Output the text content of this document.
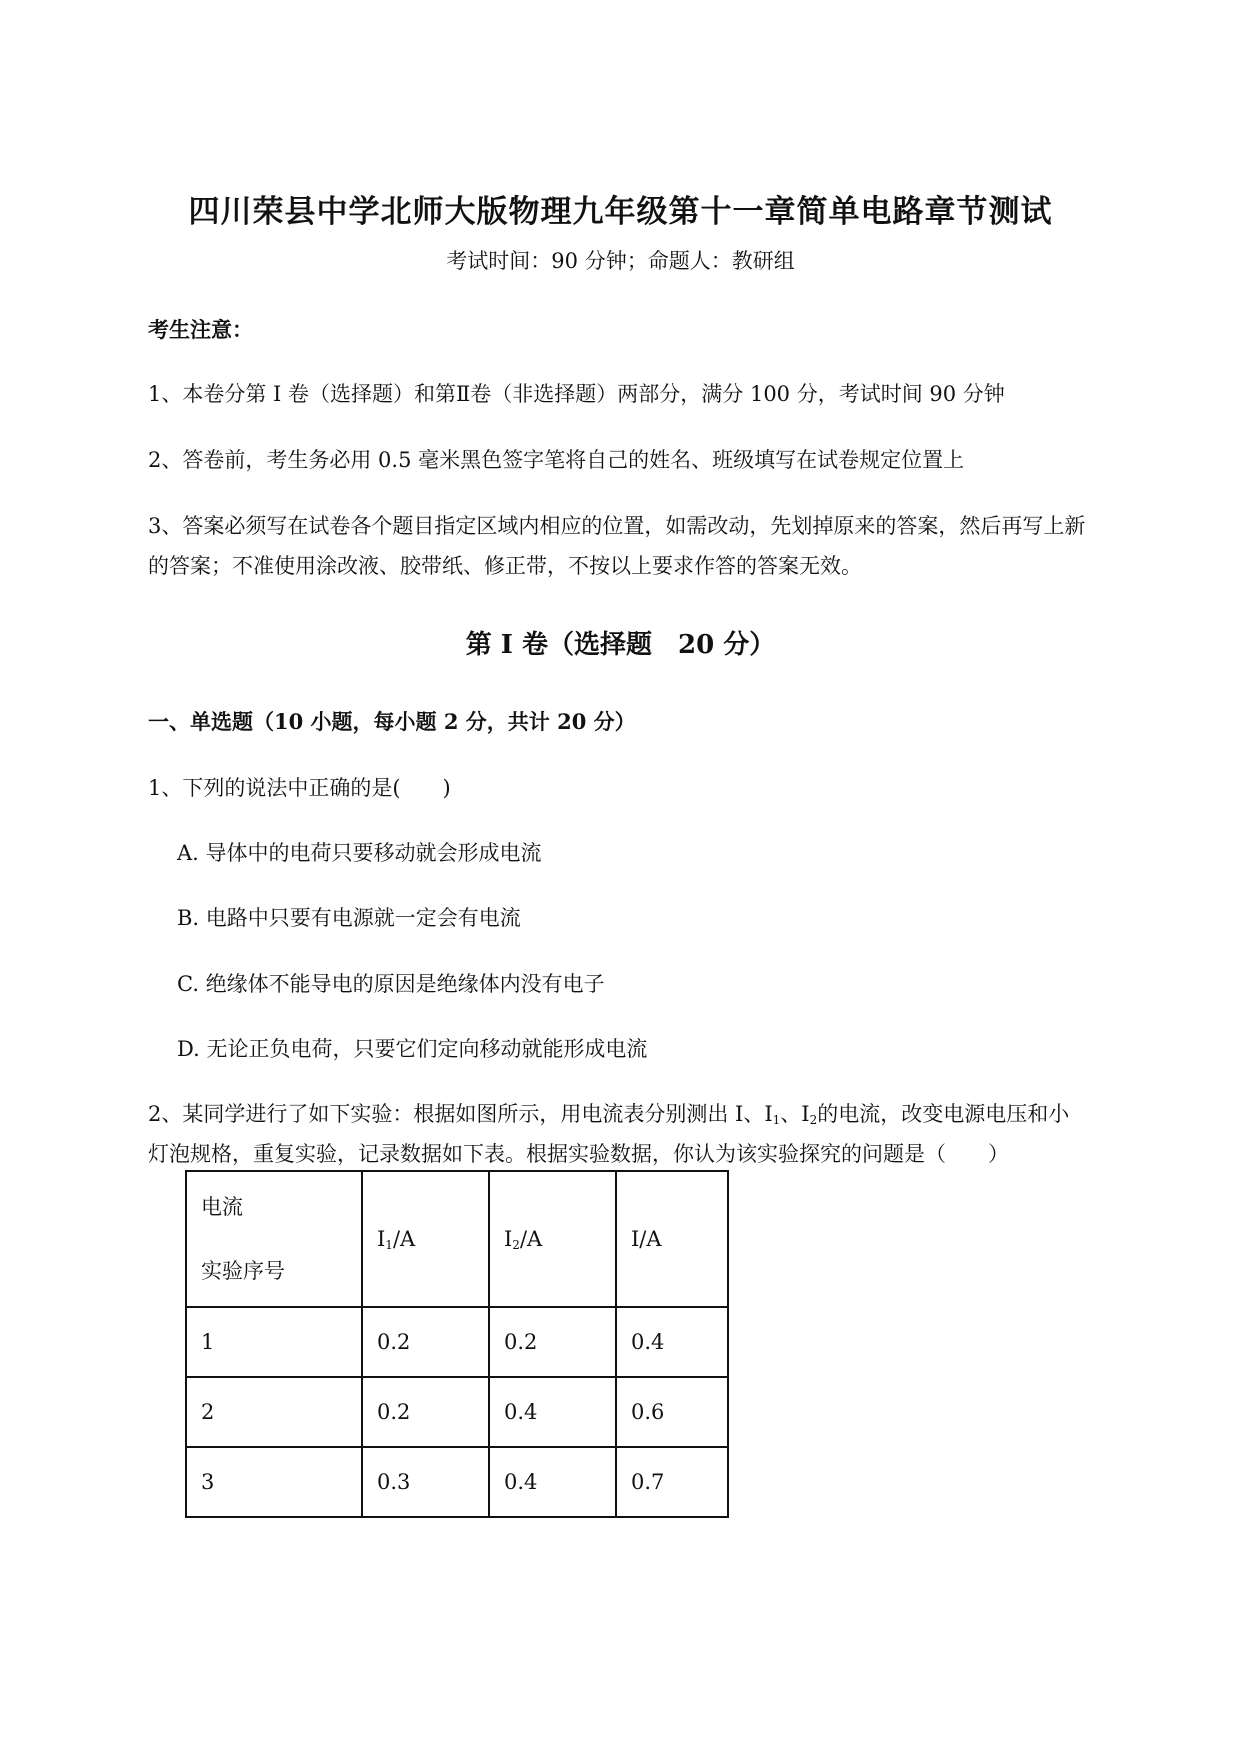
四川荣县中学北师大版物理九年级第十一章简单电路章节测试
考试时间：90 分钟；命题人：教研组
考生注意：
1、本卷分第 I 卷（选择题）和第Ⅱ卷（非选择题）两部分，满分 100 分，考试时间 90 分钟
2、答卷前，考生务必用 0.5 毫米黑色签字笔将自己的姓名、班级填写在试卷规定位置上
3、答案必须写在试卷各个题目指定区域内相应的位置，如需改动，先划掉原来的答案，然后再写上新
的答案；不准使用涂改液、胶带纸、修正带，不按以上要求作答的答案无效。
第 I 卷（选择题　20 分）
一、单选题（10 小题，每小题 2 分，共计 20 分）
1、下列的说法中正确的是(　　)
A. 导体中的电荷只要移动就会形成电流
B. 电路中只要有电源就一定会有电流
C. 绝缘体不能导电的原因是绝缘体内没有电子
D. 无论正负电荷，只要它们定向移动就能形成电流
2、某同学进行了如下实验：根据如图所示，用电流表分别测出 I、$I_1$、$I_2$的电流，改变电源电压和小
灯泡规格，重复实验，记录数据如下表。根据实验数据，你认为该实验探究的问题是（　　）
电流
实验序号	$I_1/A$	$I_2/A$	I/A
1	0.2	0.2	0.4
2	0.2	0.4	0.6
3	0.3	0.4	0.7
